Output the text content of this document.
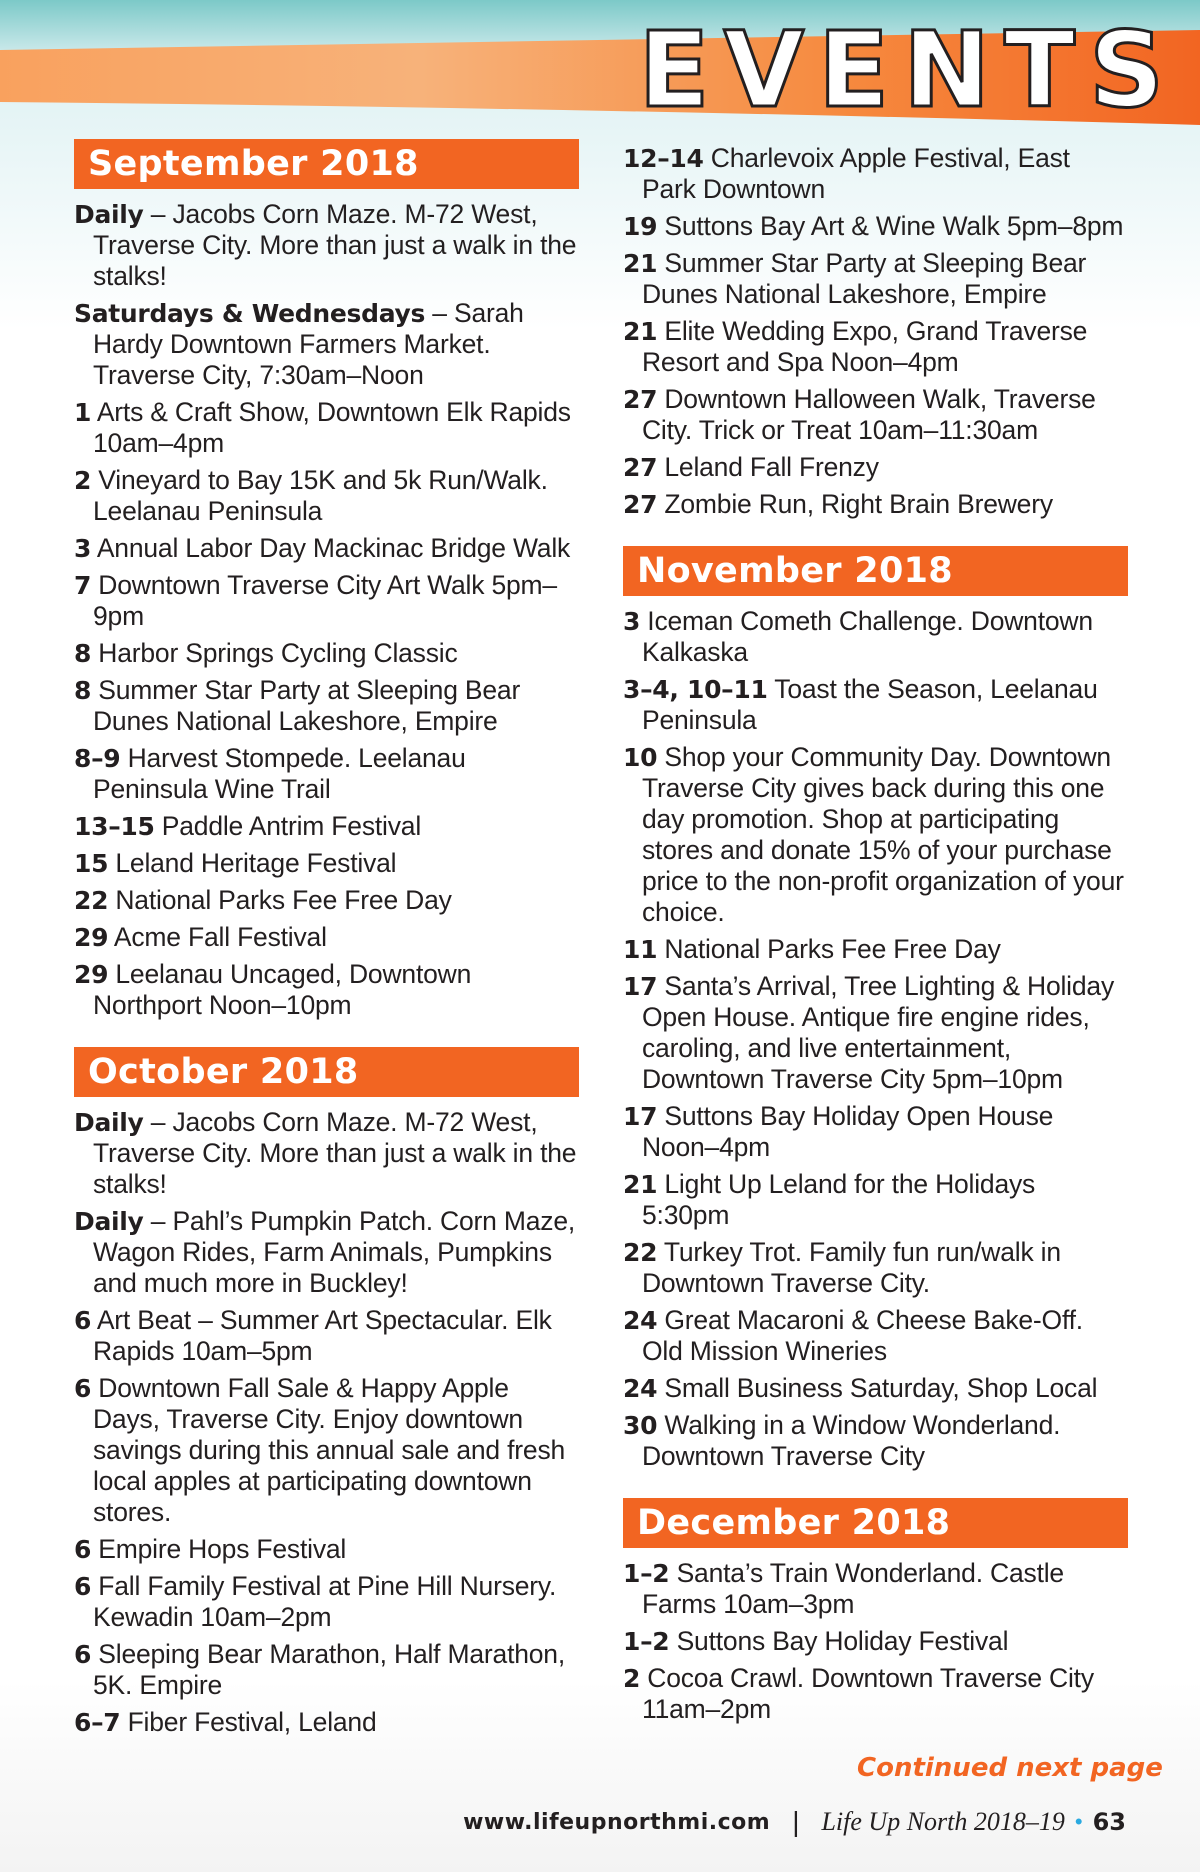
EVENTS
September 2018
Daily – Jacobs Corn Maze. M-72 West, Traverse City. More than just a walk in the stalks!
Saturdays & Wednesdays – Sarah Hardy Downtown Farmers Market. Traverse City, 7:30am–Noon
1 Arts & Craft Show, Downtown Elk Rapids 10am–4pm
2 Vineyard to Bay 15K and 5k Run/Walk. Leelanau Peninsula
3 Annual Labor Day Mackinac Bridge Walk
7 Downtown Traverse City Art Walk 5pm–9pm
8 Harbor Springs Cycling Classic
8 Summer Star Party at Sleeping Bear Dunes National Lakeshore, Empire
8–9 Harvest Stompede. Leelanau Peninsula Wine Trail
13–15 Paddle Antrim Festival
15 Leland Heritage Festival
22 National Parks Fee Free Day
29 Acme Fall Festival
29 Leelanau Uncaged, Downtown Northport Noon–10pm
October 2018
Daily – Jacobs Corn Maze. M-72 West, Traverse City. More than just a walk in the stalks!
Daily – Pahl’s Pumpkin Patch. Corn Maze, Wagon Rides, Farm Animals, Pumpkins and much more in Buckley!
6 Art Beat – Summer Art Spectacular. Elk Rapids 10am–5pm
6 Downtown Fall Sale & Happy Apple Days, Traverse City. Enjoy downtown savings during this annual sale and fresh local apples at participating downtown stores.
6 Empire Hops Festival
6 Fall Family Festival at Pine Hill Nursery. Kewadin 10am–2pm
6 Sleeping Bear Marathon, Half Marathon, 5K. Empire
6–7 Fiber Festival, Leland
12–14 Charlevoix Apple Festival, East Park Downtown
19 Suttons Bay Art & Wine Walk 5pm–8pm
21 Summer Star Party at Sleeping Bear Dunes National Lakeshore, Empire
21 Elite Wedding Expo, Grand Traverse Resort and Spa Noon–4pm
27 Downtown Halloween Walk, Traverse City. Trick or Treat 10am–11:30am
27 Leland Fall Frenzy
27 Zombie Run, Right Brain Brewery
November 2018
3 Iceman Cometh Challenge. Downtown Kalkaska
3–4, 10–11 Toast the Season, Leelanau Peninsula
10 Shop your Community Day. Downtown Traverse City gives back during this one day promotion. Shop at participating stores and donate 15% of your purchase price to the non-profit organization of your choice.
11 National Parks Fee Free Day
17 Santa’s Arrival, Tree Lighting & Holiday Open House. Antique fire engine rides, caroling, and live entertainment, Downtown Traverse City 5pm–10pm
17 Suttons Bay Holiday Open House Noon–4pm
21 Light Up Leland for the Holidays 5:30pm
22 Turkey Trot. Family fun run/walk in Downtown Traverse City.
24 Great Macaroni & Cheese Bake-Off. Old Mission Wineries
24 Small Business Saturday, Shop Local
30 Walking in a Window Wonderland. Downtown Traverse City
December 2018
1–2 Santa’s Train Wonderland. Castle Farms 10am–3pm
1–2 Suttons Bay Holiday Festival
2 Cocoa Crawl. Downtown Traverse City 11am–2pm
Continued next page
www.lifeupnorthmi.com | Life Up North 2018–19 • 63
